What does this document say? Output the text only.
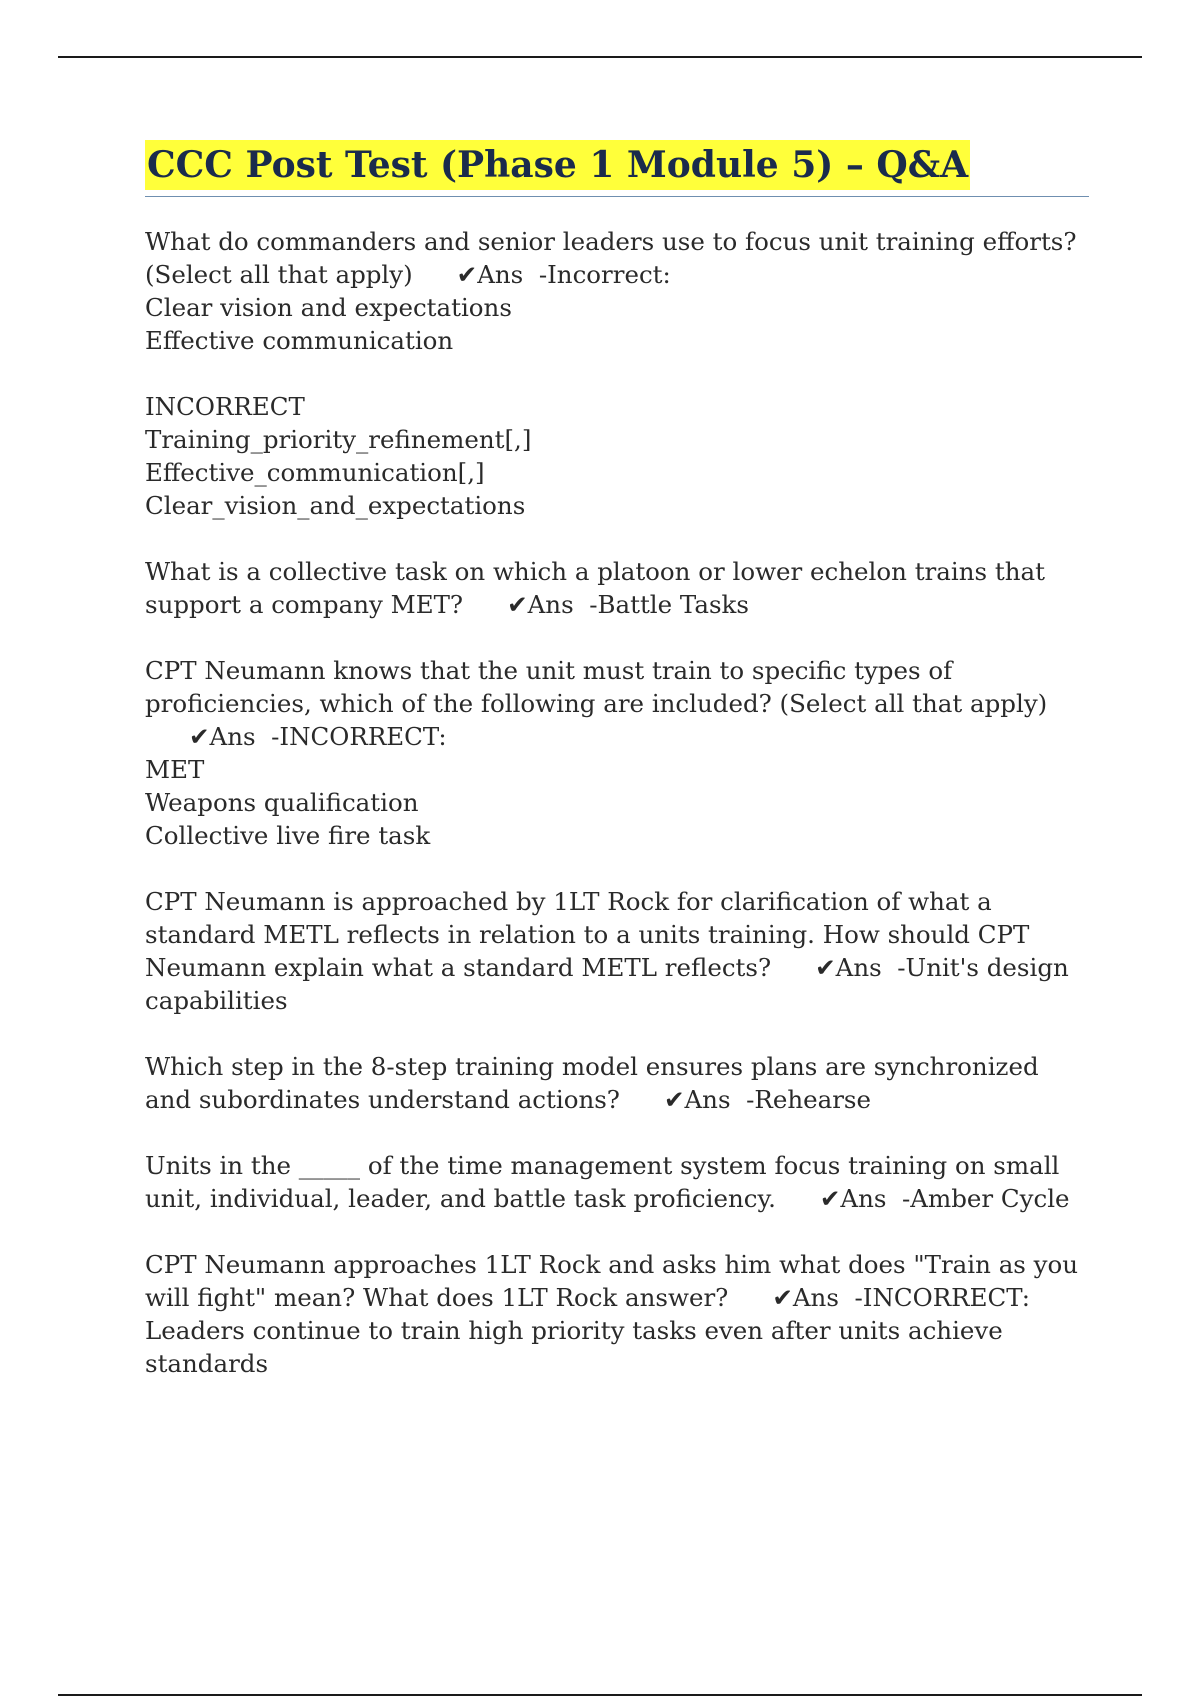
CCC Post Test (Phase 1 Module 5) – Q&A
What do commanders and senior leaders use to focus unit training efforts? (Select all that apply) ✔Ans -Incorrect:
Clear vision and expectations
Effective communication

INCORRECT
Training_priority_refinement[,]
Effective_communication[,]
Clear_vision_and_expectations
What is a collective task on which a platoon or lower echelon trains that support a company MET? ✔Ans -Battle Tasks
CPT Neumann knows that the unit must train to specific types of proficiencies, which of the following are included? (Select all that apply)✔Ans -INCORRECT:
MET
Weapons qualification
Collective live fire task
CPT Neumann is approached by 1LT Rock for clarification of what a standard METL reflects in relation to a units training. How should CPT Neumann explain what a standard METL reflects? ✔Ans -Unit's design capabilities
Which step in the 8-step training model ensures plans are synchronized and subordinates understand actions? ✔Ans -Rehearse
Units in the _____ of the time management system focus training on small unit, individual, leader, and battle task proficiency. ✔Ans -Amber Cycle
CPT Neumann approaches 1LT Rock and asks him what does "Train as you will fight" mean? What does 1LT Rock answer? ✔Ans -INCORRECT: Leaders continue to train high priority tasks even after units achieve standards
